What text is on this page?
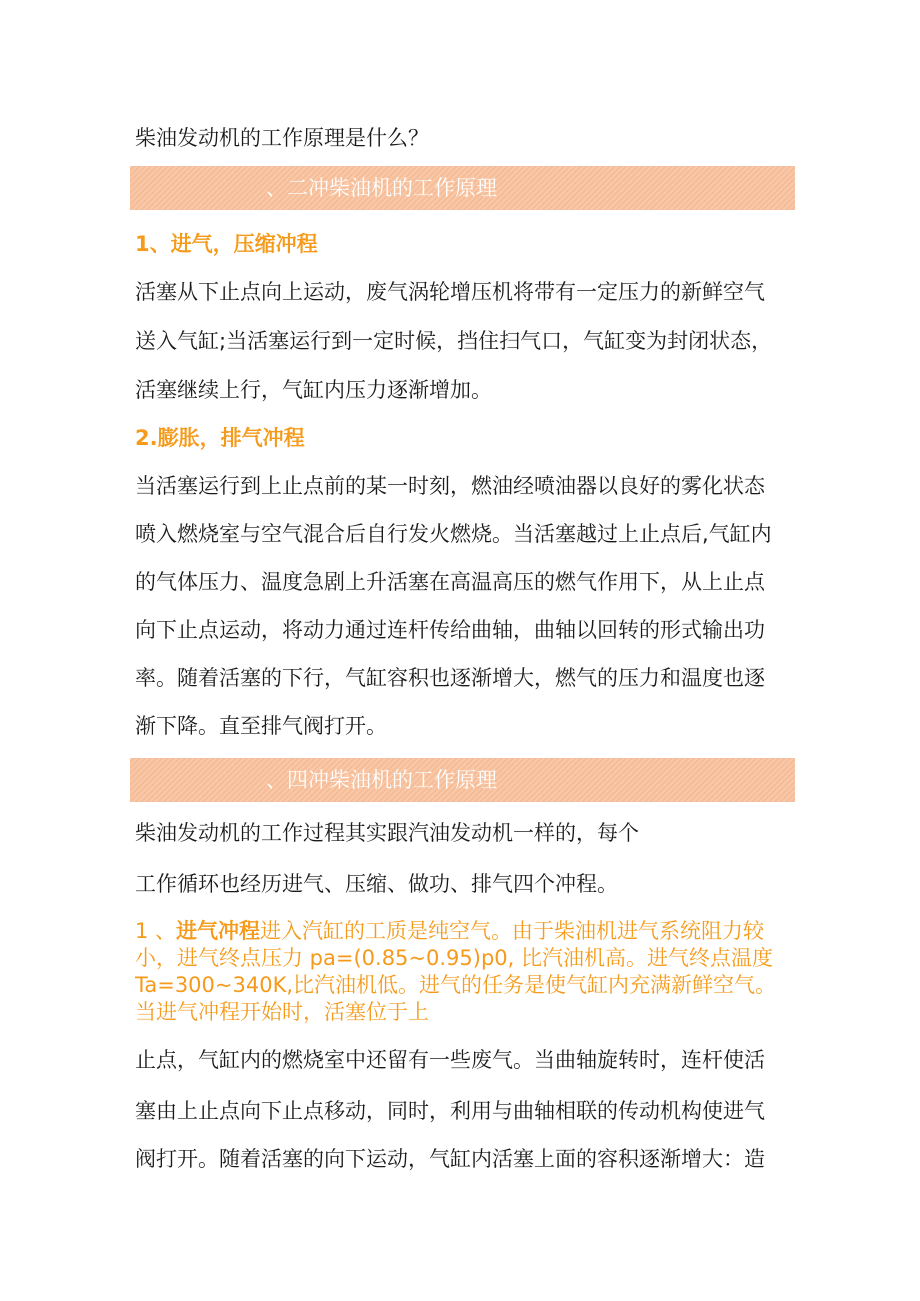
柴油发动机的工作原理是什么？
、二冲柴油机的工作原理
1、进气，压缩冲程
活塞从下止点向上运动，废气涡轮增压机将带有一定压力的新鲜空气
送入气缸;当活塞运行到一定时候，挡住扫气口，气缸变为封闭状态，
活塞继续上行，气缸内压力逐渐增加。
2.膨胀，排气冲程
当活塞运行到上止点前的某一时刻，燃油经喷油器以良好的雾化状态
喷入燃烧室与空气混合后自行发火燃烧。当活塞越过上止点后,气缸内
的气体压力、温度急剧上升活塞在高温高压的燃气作用下，从上止点
向下止点运动，将动力通过连杆传给曲轴，曲轴以回转的形式输出功
率。随着活塞的下行，气缸容积也逐渐增大，燃气的压力和温度也逐
渐下降。直至排气阀打开。
、四冲柴油机的工作原理
柴油发动机的工作过程其实跟汽油发动机一样的，每个
工作循环也经历进气、压缩、做功、排气四个冲程。
1 、进气冲程进入汽缸的工质是纯空气。由于柴油机进气系统阻力较
小，进气终点压力 pa=(0.85~0.95)p0, 比汽油机高。进气终点温度
Ta=300~340K,比汽油机低。进气的任务是使气缸内充满新鲜空气。
当进气冲程开始时，活塞位于上
止点，气缸内的燃烧室中还留有一些废气。当曲轴旋转时，连杆使活
塞由上止点向下止点移动，同时，利用与曲轴相联的传动机构使进气
阀打开。随着活塞的向下运动，气缸内活塞上面的容积逐渐增大：造
